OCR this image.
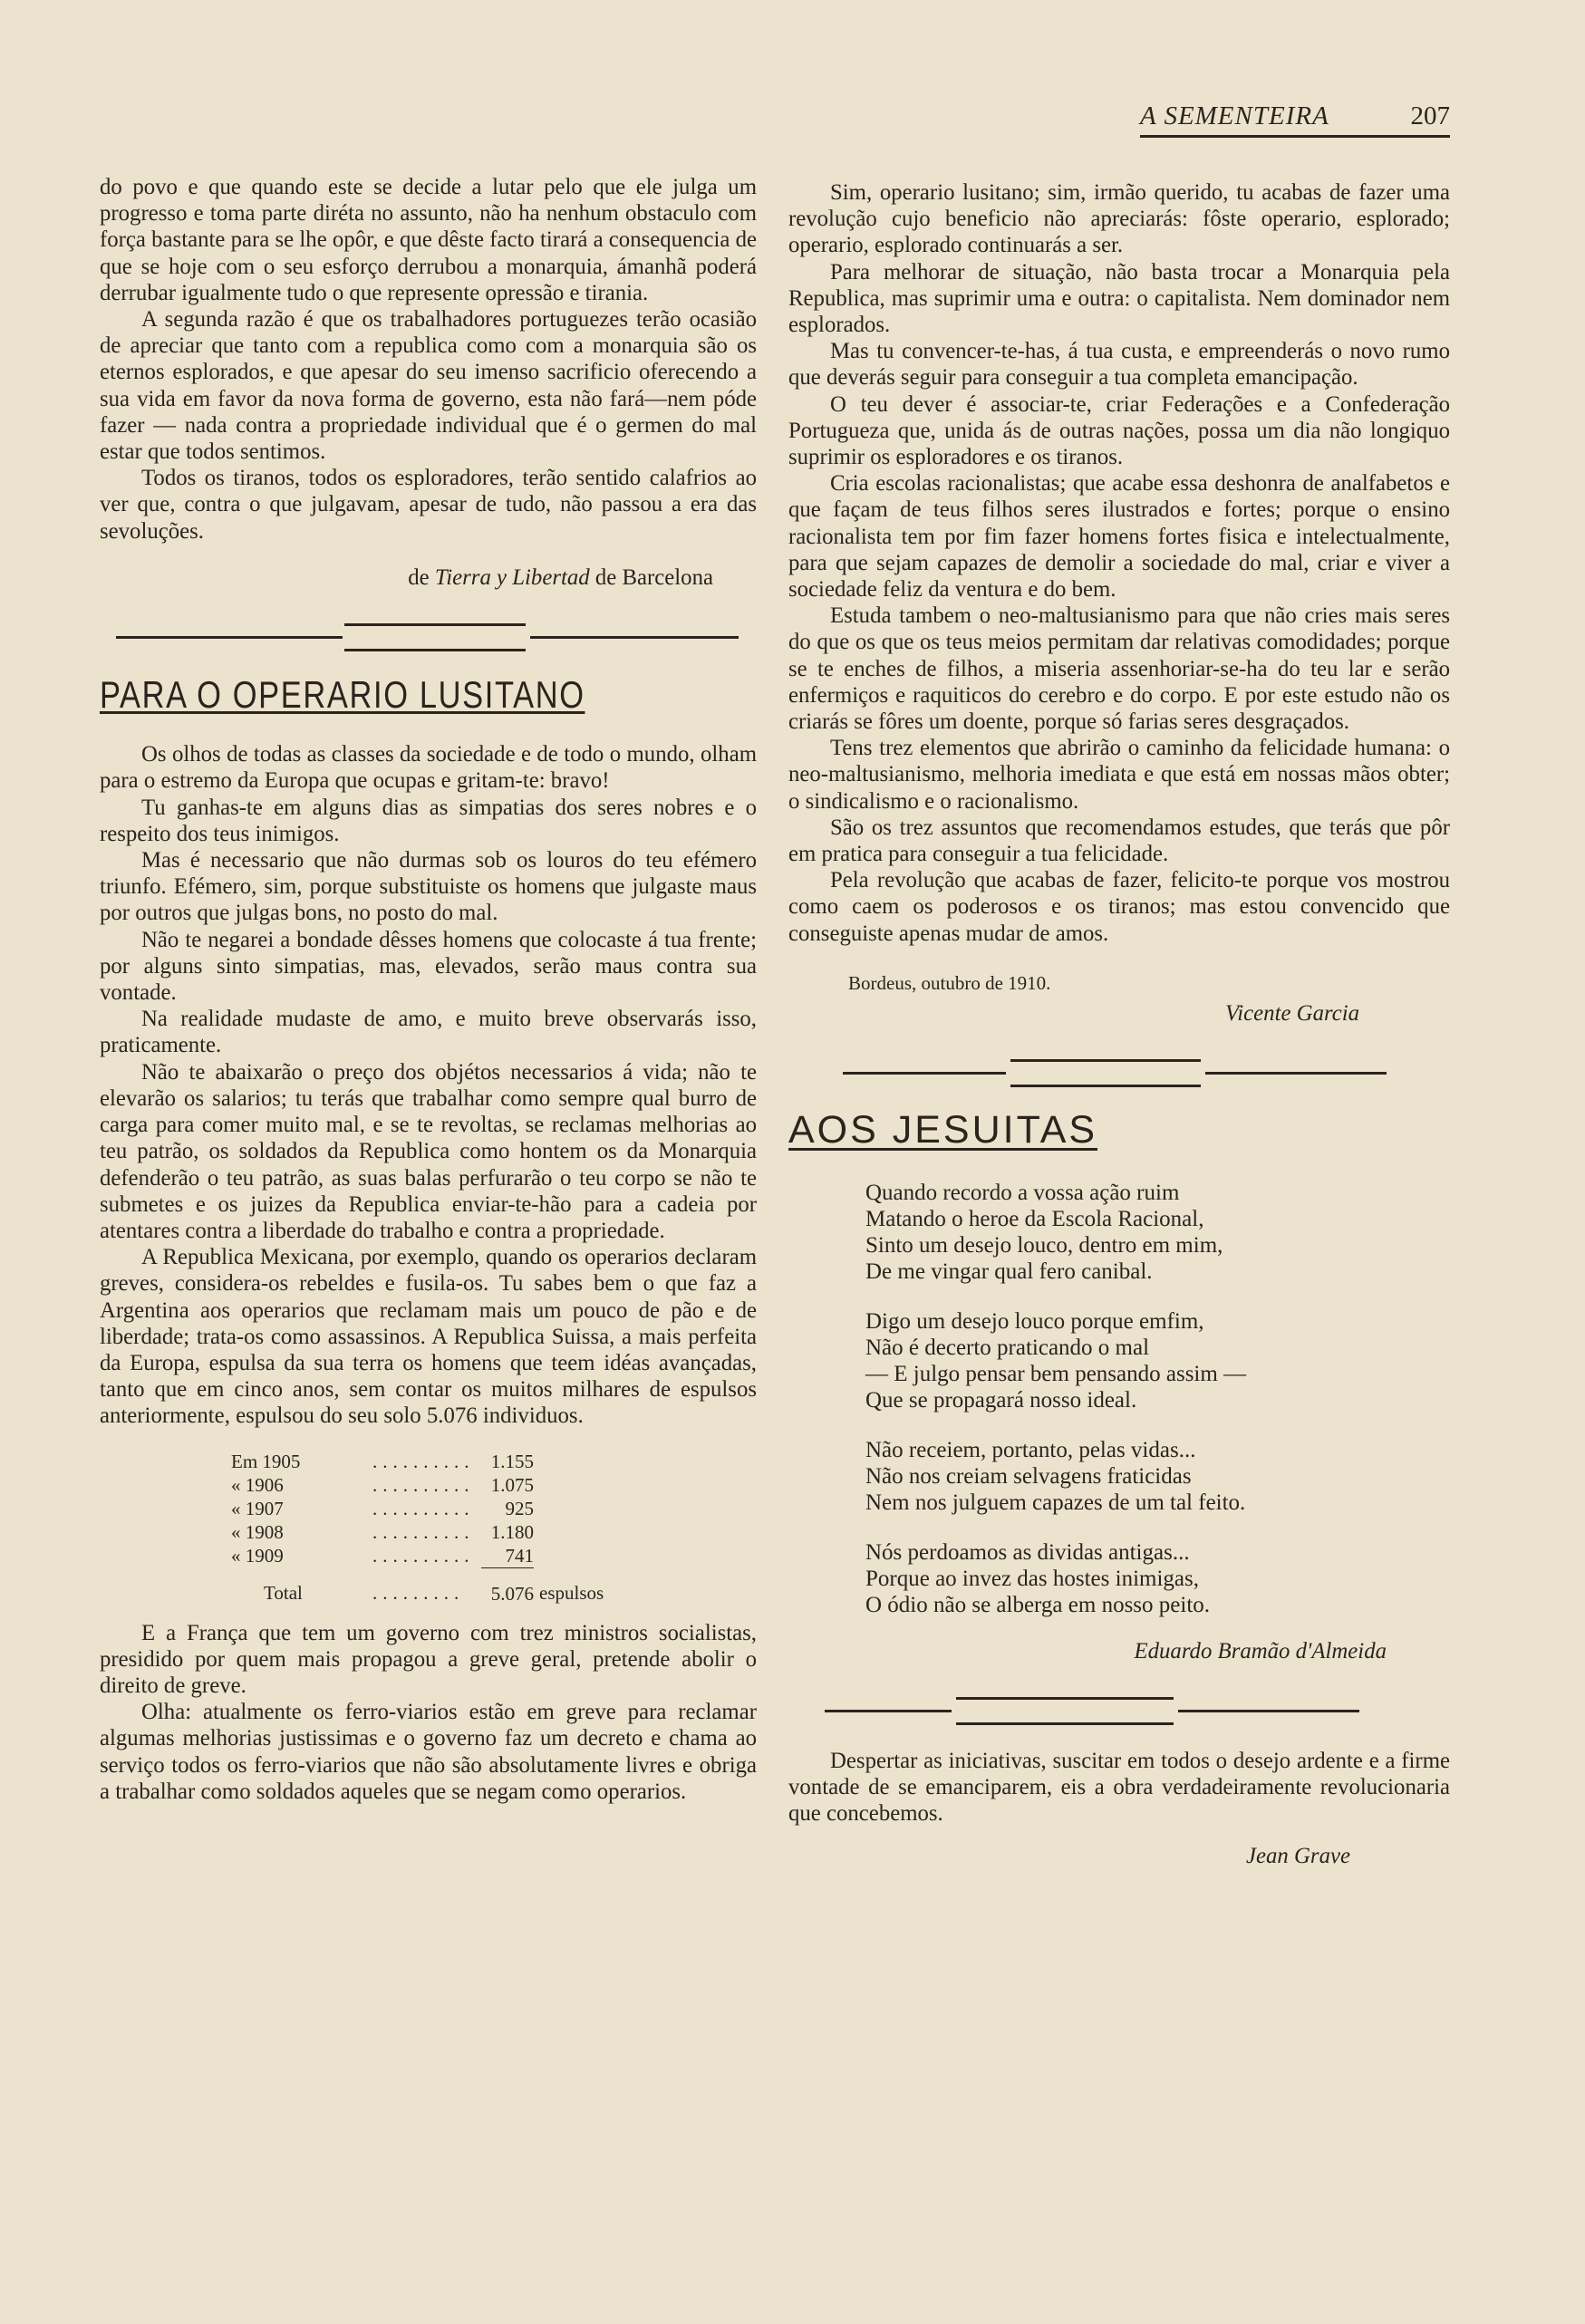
A SEMENTEIRA	207

do povo e que quando este se decide a lutar pelo que ele julga um progresso e toma parte diréta no assunto, não ha nenhum obstaculo com força bastante para se lhe opôr, e que dêste facto tirará a consequencia de que se hoje com o seu esforço derrubou a monarquia, ámanhã poderá derrubar igualmente tudo o que represente opressão e tirania.

A segunda razão é que os trabalhadores portuguezes terão ocasião de apreciar que tanto com a republica como com a monarquia são os eternos esplorados, e que apesar do seu imenso sacrificio oferecendo a sua vida em favor da nova forma de governo, esta não fará—nem póde fazer — nada contra a propriedade individual que é o germen do mal estar que todos sentimos.

Todos os tiranos, todos os esploradores, terão sentido calafrios ao ver que, contra o que julgavam, apesar de tudo, não passou a era das sevoluções.

de Tierra y Libertad de Barcelona
PARA O OPERARIO LUSITANO

Os olhos de todas as classes da sociedade e de todo o mundo, olham para o estremo da Europa que ocupas e gritam-te: bravo!

Tu ganhas-te em alguns dias as simpatias dos seres nobres e o respeito dos teus inimigos.

Mas é necessario que não durmas sob os louros do teu efémero triunfo. Efémero, sim, porque substituiste os homens que julgaste maus por outros que julgas bons, no posto do mal.

Não te negarei a bondade dêsses homens que colocaste á tua frente; por alguns sinto simpatias, mas, elevados, serão maus contra sua vontade.

Na realidade mudaste de amo, e muito breve observarás isso, praticamente.

Não te abaixarão o preço dos objétos necessarios á vida; não te elevarão os salarios; tu terás que trabalhar como sempre qual burro de carga para comer muito mal, e se te revoltas, se reclamas melhorias ao teu patrão, os soldados da Republica como hontem os da Monarquia defenderão o teu patrão, as suas balas perfurarão o teu corpo se não te submetes e os juizes da Republica enviar-te-hão para a cadeia por atentares contra a liberdade do trabalho e contra a propriedade.

A Republica Mexicana, por exemplo, quando os operarios declaram greves, considera-os rebeldes e fusila-os. Tu sabes bem o que faz a Argentina aos operarios que reclamam mais um pouco de pão e de liberdade; trata-os como assassinos. A Republica Suissa, a mais perfeita da Europa, espulsa da sua terra os homens que teem idéas avançadas, tanto que em cinco anos, sem contar os muitos milhares de espulsos anteriormente, espulsou do seu solo 5.076 individuos.

Em 1905	..........	1.155	
« 1906	..........	1.075	
« 1907	..........	925	
« 1908	..........	1.180	
« 1909	..........	741	
Total	.........	5.076	espulsos

E a França que tem um governo com trez ministros socialistas, presidido por quem mais propagou a greve geral, pretende abolir o direito de greve.

Olha: atualmente os ferro-viarios estão em greve para reclamar algumas melhorias justissimas e o governo faz um decreto e chama ao serviço todos os ferro-viarios que não são absolutamente livres e obriga a trabalhar como soldados aqueles que se negam como operarios.

Sim, operario lusitano; sim, irmão querido, tu acabas de fazer uma revolução cujo beneficio não apreciarás: fôste operario, esplorado; operario, esplorado continuarás a ser.

Para melhorar de situação, não basta trocar a Monarquia pela Republica, mas suprimir uma e outra: o capitalista. Nem dominador nem esplorados.

Mas tu convencer-te-has, á tua custa, e empreenderás o novo rumo que deverás seguir para conseguir a tua completa emancipação.

O teu dever é associar-te, criar Federações e a Confederação Portugueza que, unida ás de outras nações, possa um dia não longiquo suprimir os esploradores e os tiranos.

Cria escolas racionalistas; que acabe essa deshonra de analfabetos e que façam de teus filhos seres ilustrados e fortes; porque o ensino racionalista tem por fim fazer homens fortes fisica e intelectualmente, para que sejam capazes de demolir a sociedade do mal, criar e viver a sociedade feliz da ventura e do bem.

Estuda tambem o neo-maltusianismo para que não cries mais seres do que os que os teus meios permitam dar relativas comodidades; porque se te enches de filhos, a miseria assenhoriar-se-ha do teu lar e serão enfermiços e raquiticos do cerebro e do corpo. E por este estudo não os criarás se fôres um doente, porque só farias seres desgraçados.

Tens trez elementos que abrirão o caminho da felicidade humana: o neo-maltusianismo, melhoria imediata e que está em nossas mãos obter; o sindicalismo e o racionalismo.

São os trez assuntos que recomendamos estudes, que terás que pôr em pratica para conseguir a tua felicidade.

Pela revolução que acabas de fazer, felicito-te porque vos mostrou como caem os poderosos e os tiranos; mas estou convencido que conseguiste apenas mudar de amos.

Bordeus, outubro de 1910.
Vicente Garcia
AOS JESUITAS
Quando recordo a vossa ação ruim
Matando o heroe da Escola Racional,
Sinto um desejo louco, dentro em mim,
De me vingar qual fero canibal.
Digo um desejo louco porque emfim,
Não é decerto praticando o mal
— E julgo pensar bem pensando assim —
Que se propagará nosso ideal.
Não receiem, portanto, pelas vidas...
Não nos creiam selvagens fraticidas
Nem nos julguem capazes de um tal feito.
Nós perdoamos as dividas antigas...
Porque ao invez das hostes inimigas,
O ódio não se alberga em nosso peito.
Eduardo Bramão d'Almeida

Despertar as iniciativas, suscitar em todos o desejo ardente e a firme vontade de se emanciparem, eis a obra verdadeiramente revolucionaria que concebemos.

Jean Grave
